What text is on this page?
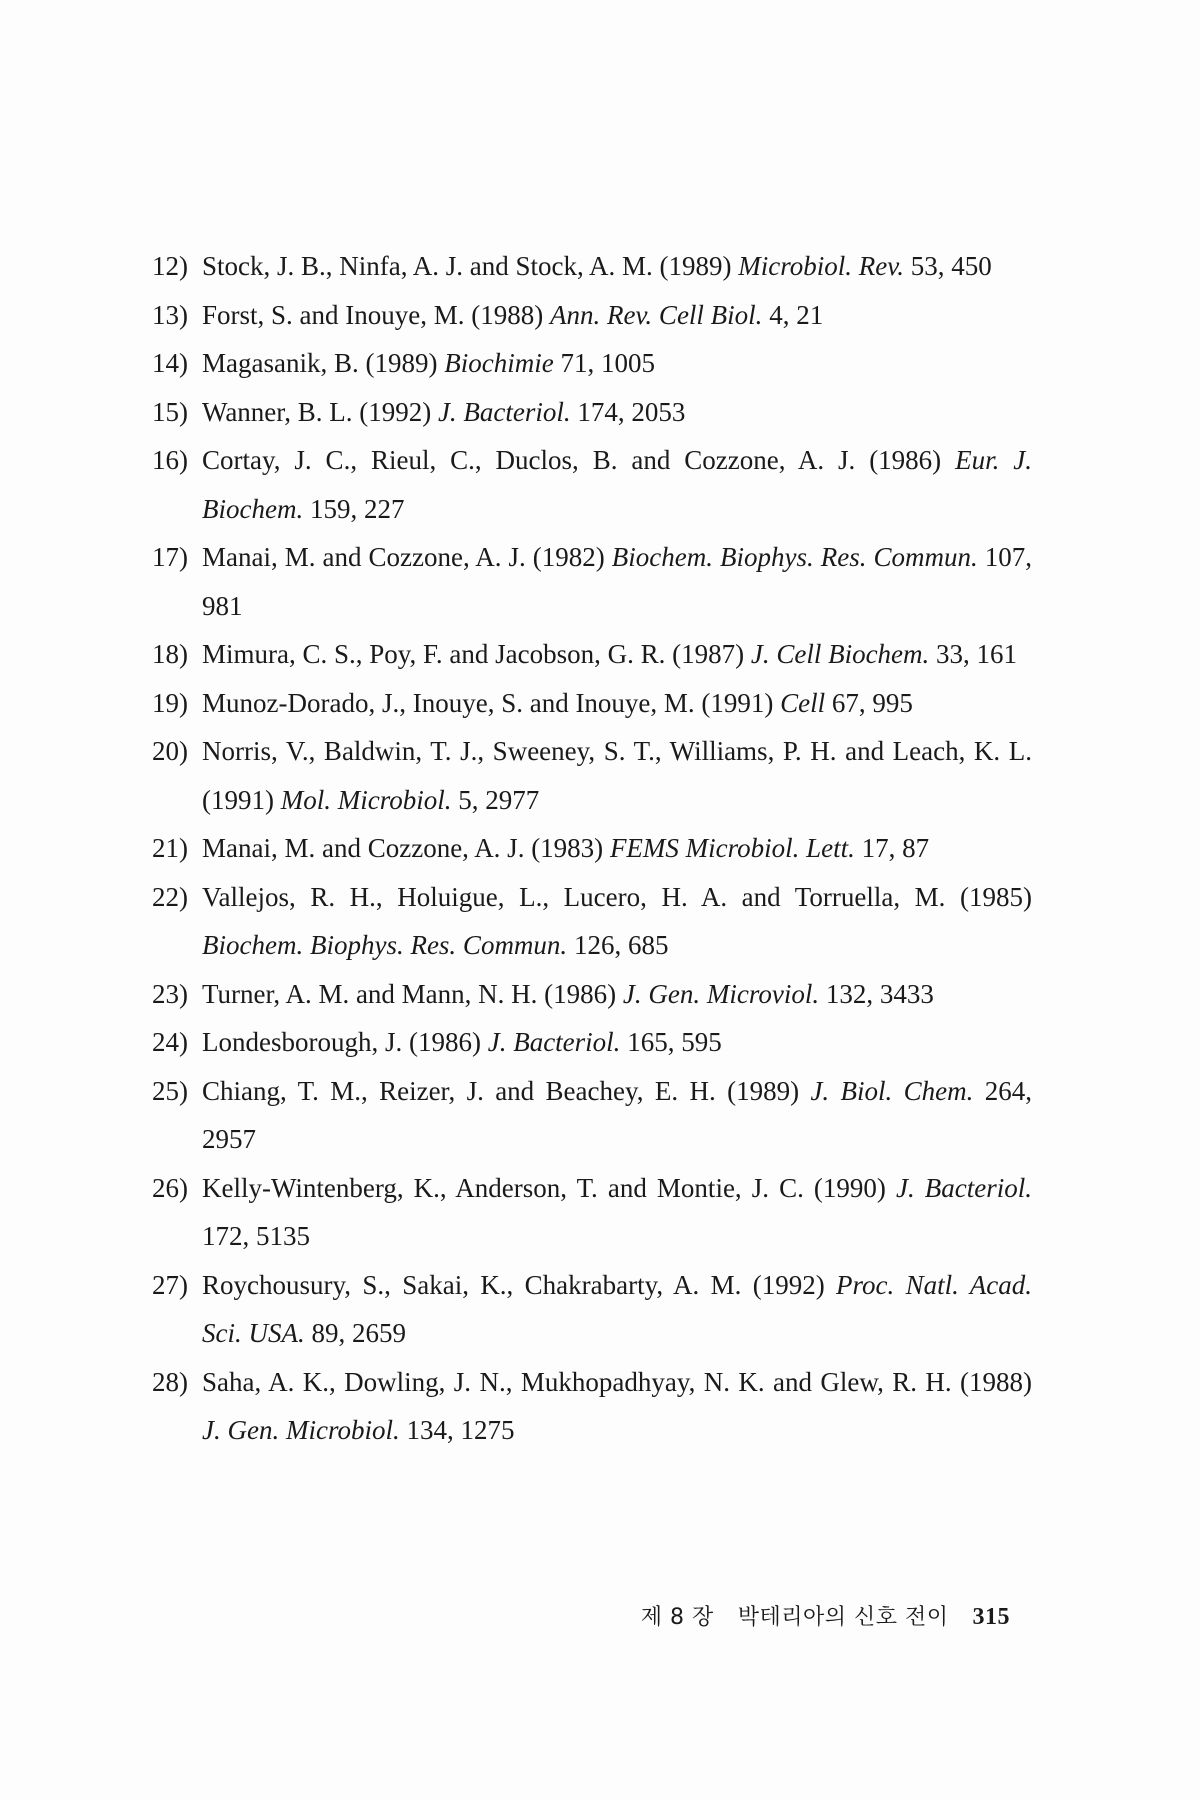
12) Stock, J. B., Ninfa, A. J. and Stock, A. M. (1989) Microbiol. Rev. 53, 450
13) Forst, S. and Inouye, M. (1988) Ann. Rev. Cell Biol. 4, 21
14) Magasanik, B. (1989) Biochimie 71, 1005
15) Wanner, B. L. (1992) J. Bacteriol. 174, 2053
16) Cortay, J. C., Rieul, C., Duclos, B. and Cozzone, A. J. (1986) Eur. J. Biochem. 159, 227
17) Manai, M. and Cozzone, A. J. (1982) Biochem. Biophys. Res. Commun. 107, 981
18) Mimura, C. S., Poy, F. and Jacobson, G. R. (1987) J. Cell Biochem. 33, 161
19) Munoz-Dorado, J., Inouye, S. and Inouye, M. (1991) Cell 67, 995
20) Norris, V., Baldwin, T. J., Sweeney, S. T., Williams, P. H. and Leach, K. L. (1991) Mol. Microbiol. 5, 2977
21) Manai, M. and Cozzone, A. J. (1983) FEMS Microbiol. Lett. 17, 87
22) Vallejos, R. H., Holuigue, L., Lucero, H. A. and Torruella, M. (1985) Biochem. Biophys. Res. Commun. 126, 685
23) Turner, A. M. and Mann, N. H. (1986) J. Gen. Microviol. 132, 3433
24) Londesborough, J. (1986) J. Bacteriol. 165, 595
25) Chiang, T. M., Reizer, J. and Beachey, E. H. (1989) J. Biol. Chem. 264, 2957
26) Kelly-Wintenberg, K., Anderson, T. and Montie, J. C. (1990) J. Bacteriol. 172, 5135
27) Roychousury, S., Sakai, K., Chakrabarty, A. M. (1992) Proc. Natl. Acad. Sci. USA. 89, 2659
28) Saha, A. K., Dowling, J. N., Mukhopadhyay, N. K. and Glew, R. H. (1988) J. Gen. Microbiol. 134, 1275
제 8 장 박테리아의 신호 전이 315
